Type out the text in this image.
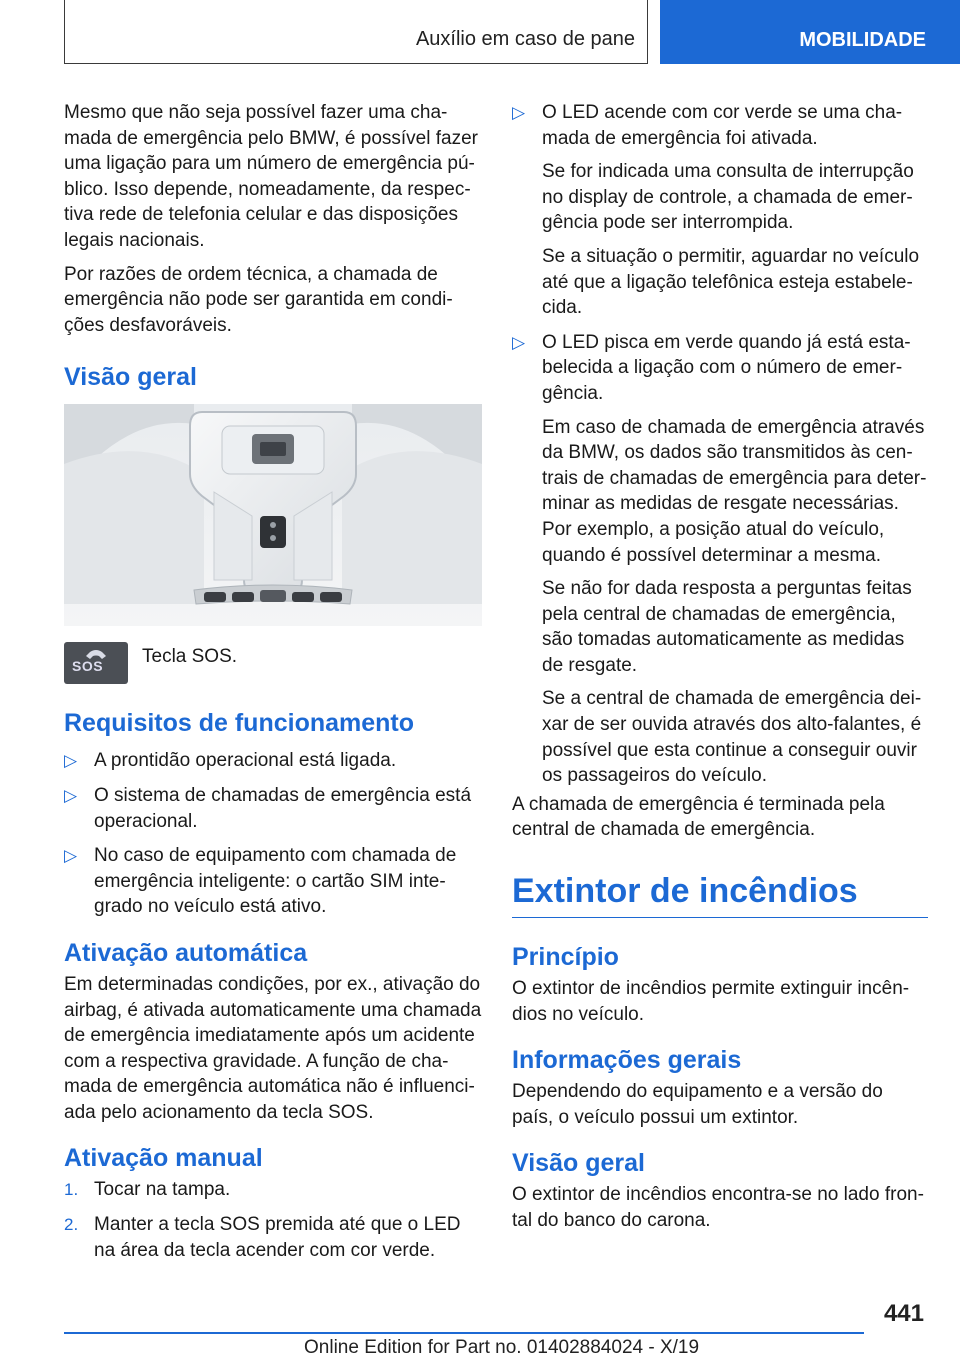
Auxílio em caso de pane	MOBILIDADE

Mesmo que não seja possível fazer uma chamada de emergência pelo BMW, é possível fazer uma ligação para um número de emergência público. Isso depende, nomeadamente, da respectiva rede de telefonia celular e das disposições legais nacionais.

Por razões de ordem técnica, a chamada de emergência não pode ser garantida em condições desfavoráveis.

Visão geral
SOS Tecla SOS.
Requisitos de funcionamento
▷ A prontidão operacional está ligada.
▷ O sistema de chamadas de emergência está operacional.
▷ No caso de equipamento com chamada de emergência inteligente: o cartão SIM integrado no veículo está ativo.
Ativação automática

Em determinadas condições, por ex., ativação do airbag, é ativada automaticamente uma chamada de emergência imediatamente após um acidente com a respectiva gravidade. A função de chamada de emergência automática não é influenciada pelo acionamento da tecla SOS.

Ativação manual
1. Tocar na tampa.
2. Manter a tecla SOS premida até que o LED na área da tecla acender com cor verde.
▷ O LED acende com cor verde se uma chamada de emergência foi ativada.

Se for indicada uma consulta de interrupção no display de controle, a chamada de emergência pode ser interrompida.

Se a situação o permitir, aguardar no veículo até que a ligação telefônica esteja estabelecida.

▷ O LED pisca em verde quando já está estabelecida a ligação com o número de emergência.

Em caso de chamada de emergência através da BMW, os dados são transmitidos às centrais de chamadas de emergência para determinar as medidas de resgate necessárias. Por exemplo, a posição atual do veículo, quando é possível determinar a mesma.

Se não for dada resposta a perguntas feitas pela central de chamadas de emergência, são tomadas automaticamente as medidas de resgate.

Se a central de chamada de emergência deixar de ser ouvida através dos alto-falantes, é possível que esta continue a conseguir ouvir os passageiros do veículo.

A chamada de emergência é terminada pela central de chamada de emergência.

Extintor de incêndios
Princípio

O extintor de incêndios permite extinguir incêndios no veículo.

Informações gerais

Dependendo do equipamento e a versão do país, o veículo possui um extintor.

Visão geral

O extintor de incêndios encontra-se no lado frontal do banco do carona.

441
Online Edition for Part no. 01402884024 - X/19
